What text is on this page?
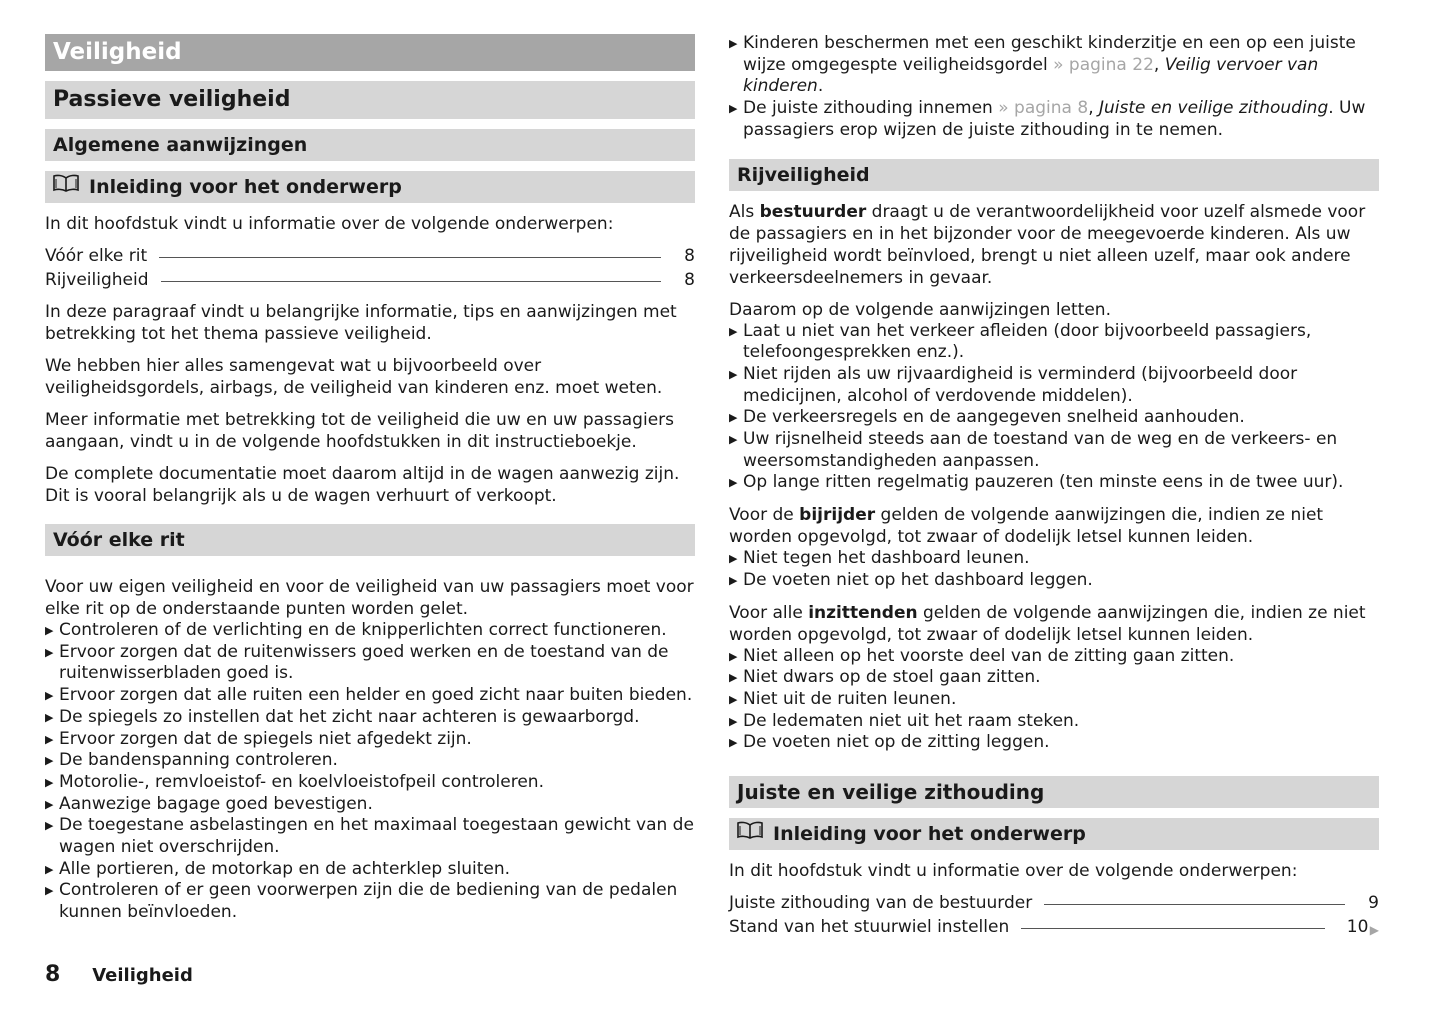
Veiligheid
Passieve veiligheid
Algemene aanwijzingen
Inleiding voor het onderwerp

In dit hoofdstuk vindt u informatie over de volgende onderwerpen:

Vóór elke rit	8
Rijveiligheid	8

In deze paragraaf vindt u belangrijke informatie, tips en aanwijzingen met betrekking tot het thema passieve veiligheid.

We hebben hier alles samengevat wat u bijvoorbeeld over veiligheidsgordels, airbags, de veiligheid van kinderen enz. moet weten.

Meer informatie met betrekking tot de veiligheid die uw en uw passagiers aangaan, vindt u in de volgende hoofdstukken in dit instructieboekje.

De complete documentatie moet daarom altijd in de wagen aanwezig zijn. Dit is vooral belangrijk als u de wagen verhuurt of verkoopt.

Vóór elke rit

Voor uw eigen veiligheid en voor de veiligheid van uw passagiers moet voor elke rit op de onderstaande punten worden gelet.

▶ Controleren of de verlichting en de knipperlichten correct functioneren.
▶ Ervoor zorgen dat de ruitenwissers goed werken en de toestand van de ruitenwisserbladen goed is.
▶ Ervoor zorgen dat alle ruiten een helder en goed zicht naar buiten bieden.
▶ De spiegels zo instellen dat het zicht naar achteren is gewaarborgd.
▶ Ervoor zorgen dat de spiegels niet afgedekt zijn.
▶ De bandenspanning controleren.
▶ Motorolie-, remvloeistof- en koelvloeistofpeil controleren.
▶ Aanwezige bagage goed bevestigen.
▶ De toegestane asbelastingen en het maximaal toegestaan gewicht van de wagen niet overschrijden.
▶ Alle portieren, de motorkap en de achterklep sluiten.
▶ Controleren of er geen voorwerpen zijn die de bediening van de pedalen kunnen beïnvloeden.
▶ Kinderen beschermen met een geschikt kinderzitje en een op een juiste wijze omgegespte veiligheidsgordel » pagina 22, Veilig vervoer van kinderen.
▶ De juiste zithouding innemen » pagina 8, Juiste en veilige zithouding. Uw passagiers erop wijzen de juiste zithouding in te nemen.
Rijveiligheid

Als bestuurder draagt u de verantwoordelijkheid voor uzelf alsmede voor de passagiers en in het bijzonder voor de meegevoerde kinderen. Als uw rijveiligheid wordt beïnvloed, brengt u niet alleen uzelf, maar ook andere verkeersdeelnemers in gevaar.

Daarom op de volgende aanwijzingen letten.

▶ Laat u niet van het verkeer afleiden (door bijvoorbeeld passagiers, telefoongesprekken enz.).
▶ Niet rijden als uw rijvaardigheid is verminderd (bijvoorbeeld door medicijnen, alcohol of verdovende middelen).
▶ De verkeersregels en de aangegeven snelheid aanhouden.
▶ Uw rijsnelheid steeds aan de toestand van de weg en de verkeers- en weersomstandigheden aanpassen.
▶ Op lange ritten regelmatig pauzeren (ten minste eens in de twee uur).

Voor de bijrijder gelden de volgende aanwijzingen die, indien ze niet worden opgevolgd, tot zwaar of dodelijk letsel kunnen leiden.

▶ Niet tegen het dashboard leunen.
▶ De voeten niet op het dashboard leggen.

Voor alle inzittenden gelden de volgende aanwijzingen die, indien ze niet worden opgevolgd, tot zwaar of dodelijk letsel kunnen leiden.

▶ Niet alleen op het voorste deel van de zitting gaan zitten.
▶ Niet dwars op de stoel gaan zitten.
▶ Niet uit de ruiten leunen.
▶ De ledematen niet uit het raam steken.
▶ De voeten niet op de zitting leggen.
Juiste en veilige zithouding
Inleiding voor het onderwerp

In dit hoofdstuk vindt u informatie over de volgende onderwerpen:

Juiste zithouding van de bestuurder	9
Stand van het stuurwiel instellen	10 ▶
8 Veiligheid
